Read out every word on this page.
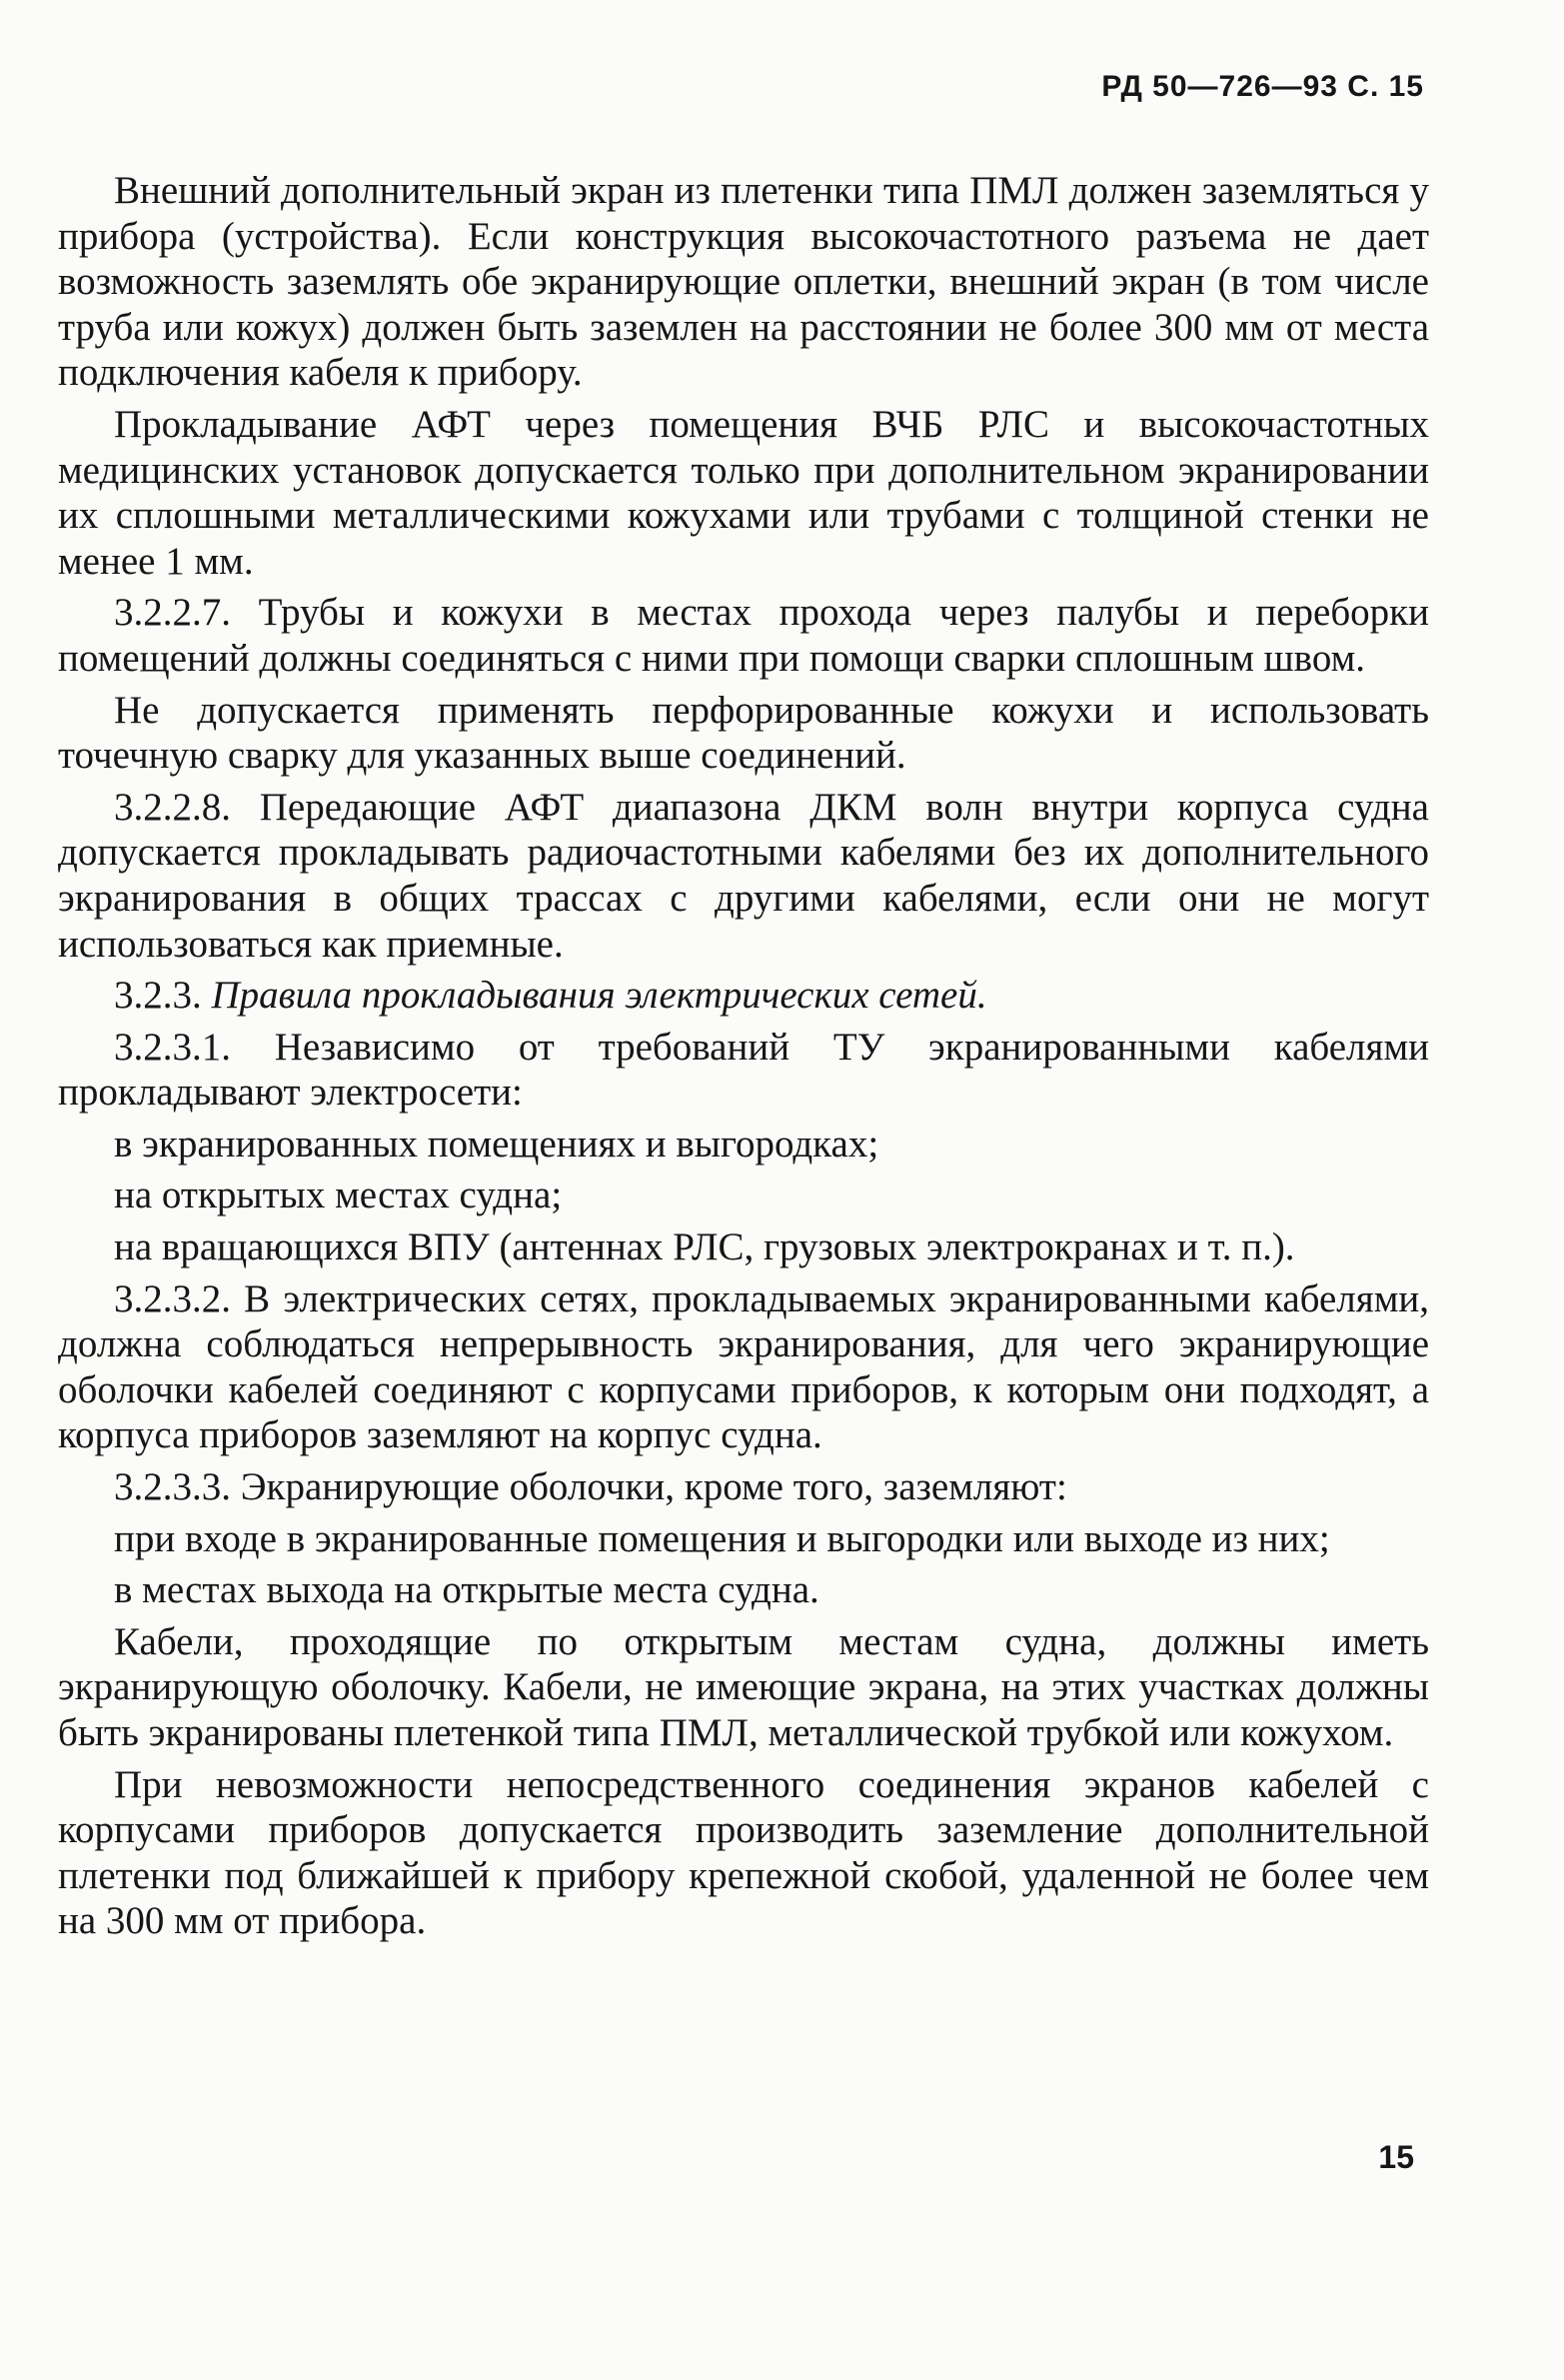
РД 50—726—93 С. 15

Внешний дополнительный экран из плетенки типа ПМЛ должен заземляться у прибора (устройства). Если конструкция высокочастотного разъема не дает возможность заземлять обе экранирующие оплетки, внешний экран (в том числе труба или кожух) должен быть заземлен на расстоянии не более 300 мм от места подключения кабеля к прибору.

Прокладывание АФТ через помещения ВЧБ РЛС и высокочастотных медицинских установок допускается только при дополнительном экранировании их сплошными металлическими кожухами или трубами с толщиной стенки не менее 1 мм.

3.2.2.7. Трубы и кожухи в местах прохода через палубы и переборки помещений должны соединяться с ними при помощи сварки сплошным швом.

Не допускается применять перфорированные кожухи и использовать точечную сварку для указанных выше соединений.

3.2.2.8. Передающие АФТ диапазона ДКМ волн внутри корпуса судна допускается прокладывать радиочастотными кабелями без их дополнительного экранирования в общих трассах с другими кабелями, если они не могут использоваться как приемные.

3.2.3. Правила прокладывания электрических сетей.

3.2.3.1. Независимо от требований ТУ экранированными кабелями прокладывают электросети:

в экранированных помещениях и выгородках;

на открытых местах судна;

на вращающихся ВПУ (антеннах РЛС, грузовых электрокранах и т. п.).

3.2.3.2. В электрических сетях, прокладываемых экранированными кабелями, должна соблюдаться непрерывность экранирования, для чего экранирующие оболочки кабелей соединяют с корпусами приборов, к которым они подходят, а корпуса приборов заземляют на корпус судна.

3.2.3.3. Экранирующие оболочки, кроме того, заземляют:

при входе в экранированные помещения и выгородки или выходе из них;

в местах выхода на открытые места судна.

Кабели, проходящие по открытым местам судна, должны иметь экранирующую оболочку. Кабели, не имеющие экрана, на этих участках должны быть экранированы плетенкой типа ПМЛ, металлической трубкой или кожухом.

При невозможности непосредственного соединения экранов кабелей с корпусами приборов допускается производить заземление дополнительной плетенки под ближайшей к прибору крепежной скобой, удаленной не более чем на 300 мм от прибора.

15
